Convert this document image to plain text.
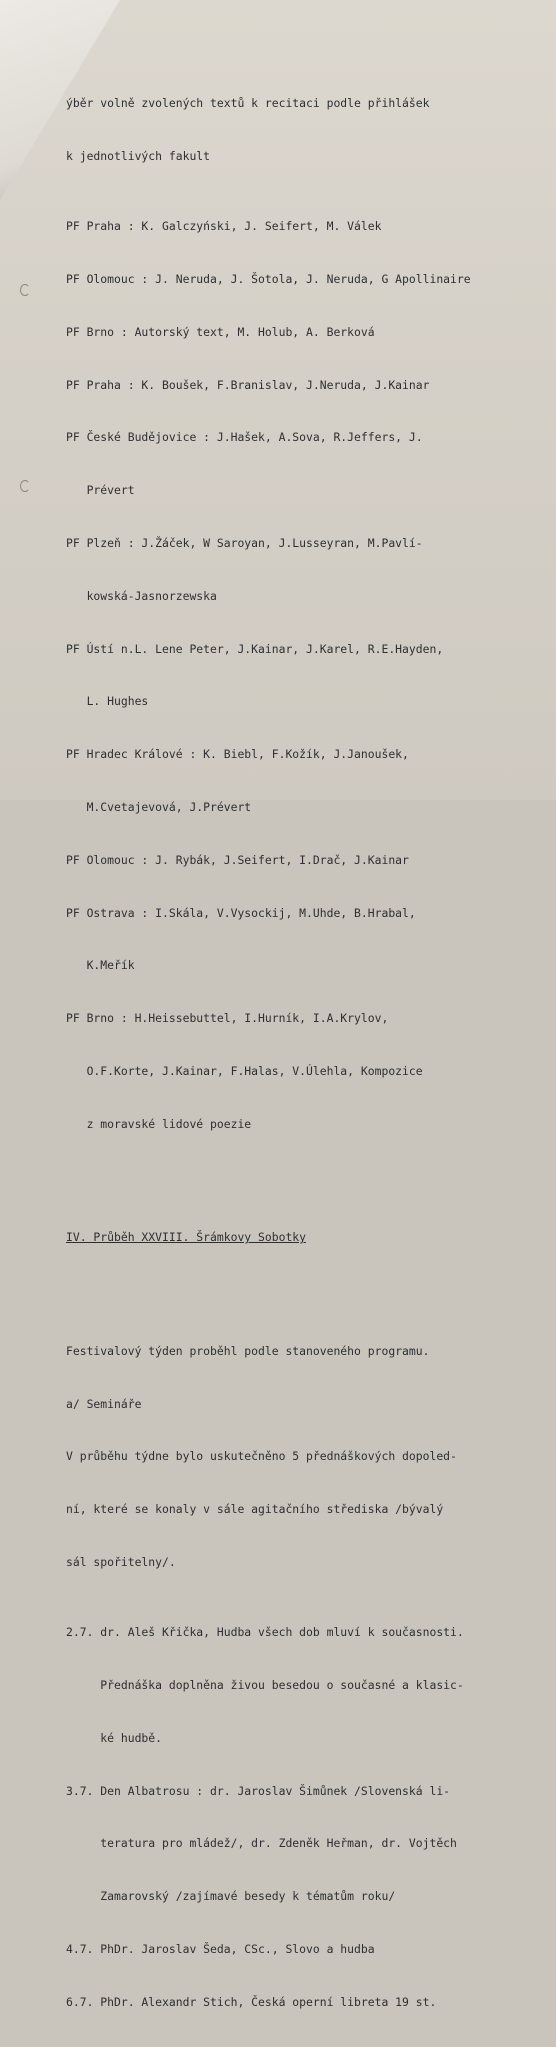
ýběr volně zvolených textů k recitaci podle přihlášek

k jednotlivých fakult

PF Praha : K. Galczyński, J. Seifert, M. Válek

PF Olomouc : J. Neruda, J. Šotola, J. Neruda, G Apollinaire

PF Brno : Autorský text, M. Holub, A. Berková

PF Praha : K. Boušek, F.Branislav, J.Neruda, J.Kainar

PF České Budějovice : J.Hašek, A.Sova, R.Jeffers, J.

Prévert

PF Plzeň : J.Žáček, W Saroyan, J.Lusseyran, M.Pavlí-

kowská-Jasnorzewska

PF Ústí n.L. Lene Peter, J.Kainar, J.Karel, R.E.Hayden,

L. Hughes

PF Hradec Králové : K. Biebl, F.Kožík, J.Janoušek,

M.Cvetajevová, J.Prévert

PF Olomouc : J. Rybák, J.Seifert, I.Drač, J.Kainar

PF Ostrava : I.Skála, V.Vysockij, M.Uhde, B.Hrabal,

K.Meřík

PF Brno : H.Heissebuttel, I.Hurník, I.A.Krylov,

O.F.Korte, J.Kainar, F.Halas, V.Úlehla, Kompozice

z moravské lidové poezie

IV. Průběh XXVIII. Šrámkovy Sobotky

Festivalový týden proběhl podle stanoveného programu.

a/ Semináře

V průběhu týdne bylo uskutečněno 5 přednáškových dopoled-

ní, které se konaly v sále agitačního střediska /bývalý

sál spořitelny/.

2.7. dr. Aleš Křička, Hudba všech dob mluví k současnosti.

Přednáška doplněna živou besedou o současné a klasic-

ké hudbě.

3.7. Den Albatrosu : dr. Jaroslav Šimůnek /Slovenská li-

teratura pro mládež/, dr. Zdeněk Heřman, dr. Vojtěch

Zamarovský /zajímavé besedy k tématům roku/

4.7. PhDr. Jaroslav Šeda, CSc., Slovo a hudba

6.7. PhDr. Alexandr Stich, Česká operní libreta 19 st.
